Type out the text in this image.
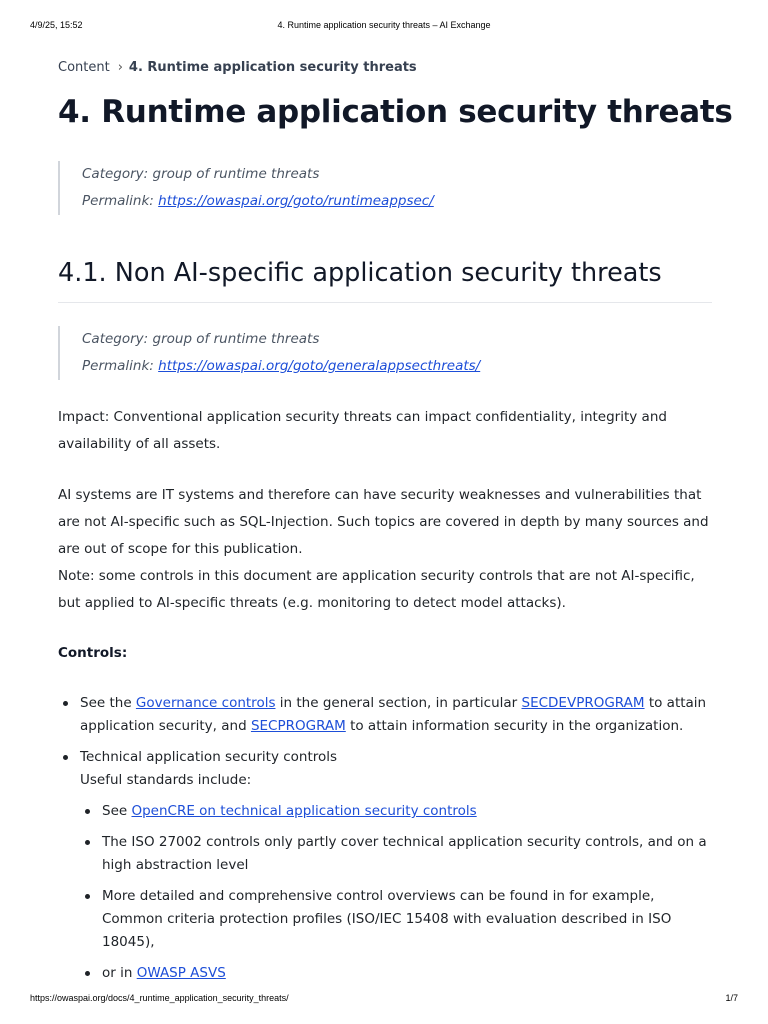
4/9/25, 15:52	4. Runtime application security threats – AI Exchange
Content › 4. Runtime application security threats
4. Runtime application security threats
Category: group of runtime threats
Permalink: https://owaspai.org/goto/runtimeappsec/
4.1. Non AI-specific application security threats
Category: group of runtime threats
Permalink: https://owaspai.org/goto/generalappsecthreats/

Impact: Conventional application security threats can impact confidentiality, integrity and availability of all assets.

AI systems are IT systems and therefore can have security weaknesses and vulnerabilities that are not AI-specific such as SQL-Injection. Such topics are covered in depth by many sources and are out of scope for this publication.

Note: some controls in this document are application security controls that are not AI-specific, but applied to AI-specific threats (e.g. monitoring to detect model attacks).

Controls:
See the Governance controls in the general section, in particular SECDEVPROGRAM to attain application security, and SECPROGRAM to attain information security in the organization.
Technical application security controls
Useful standards include:
See OpenCRE on technical application security controls
The ISO 27002 controls only partly cover technical application security controls, and on a high abstraction level
More detailed and comprehensive control overviews can be found in for example, Common criteria protection profiles (ISO/IEC 15408 with evaluation described in ISO 18045),
or in OWASP ASVS
https://owaspai.org/docs/4_runtime_application_security_threats/	1/7
